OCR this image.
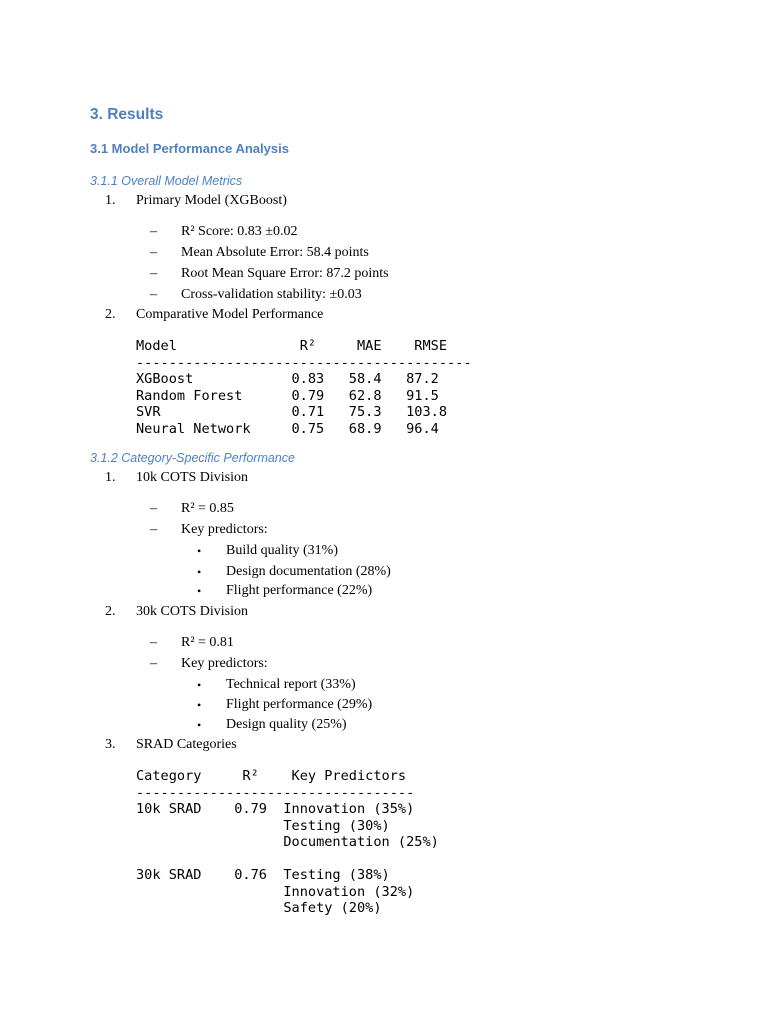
3. Results
3.1 Model Performance Analysis
3.1.1 Overall Model Metrics
1. Primary Model (XGBoost)
– R² Score: 0.83 ±0.02
– Mean Absolute Error: 58.4 points
– Root Mean Square Error: 87.2 points
– Cross-validation stability: ±0.03
2. Comparative Model Performance
Model               R²     MAE    RMSE
-----------------------------------------
XGBoost            0.83   58.4   87.2
Random Forest      0.79   62.8   91.5
SVR                0.71   75.3   103.8
Neural Network     0.75   68.9   96.4
3.1.2 Category-Specific Performance
1. 10k COTS Division
– R² = 0.85
– Key predictors:
• Build quality (31%)
• Design documentation (28%)
• Flight performance (22%)
2. 30k COTS Division
– R² = 0.81
– Key predictors:
• Technical report (33%)
• Flight performance (29%)
• Design quality (25%)
3. SRAD Categories
Category     R²    Key Predictors
----------------------------------
10k SRAD    0.79  Innovation (35%)
Testing (30%)
Documentation (25%)

30k SRAD    0.76  Testing (38%)
Innovation (32%)
Safety (20%)
